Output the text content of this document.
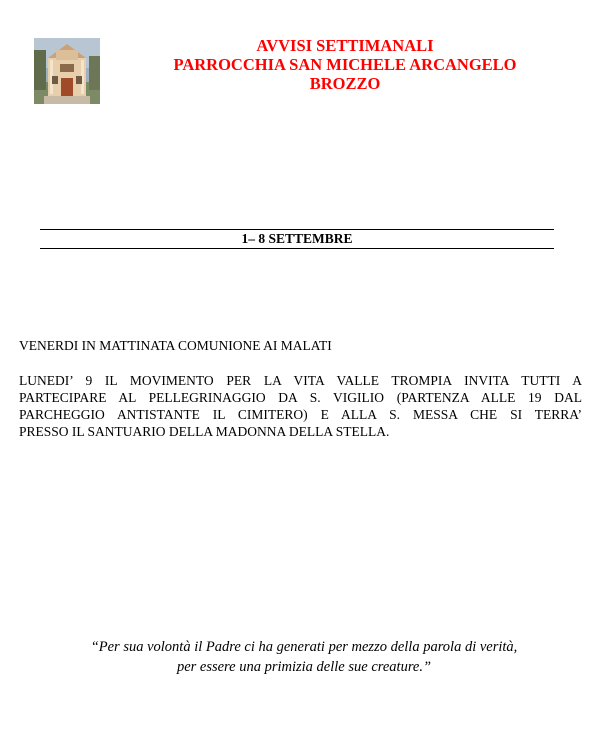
AVVISI SETTIMANALI
PARROCCHIA SAN MICHELE ARCANGELO
BROZZO
1– 8 SETTEMBRE
VENERDI IN MATTINATA COMUNIONE AI MALATI
LUNEDI’ 9 IL MOVIMENTO PER LA VITA VALLE TROMPIA INVITA TUTTI A
PARTECIPARE AL PELLEGRINAGGIO DA S. VIGILIO (PARTENZA ALLE 19 DAL
PARCHEGGIO ANTISTANTE IL CIMITERO) E ALLA S. MESSA CHE SI TERRA’
PRESSO IL SANTUARIO DELLA MADONNA DELLA STELLA.
“Per sua volontà il Padre ci ha generati per mezzo della parola di verità,
per essere una primizia delle sue creature.”
